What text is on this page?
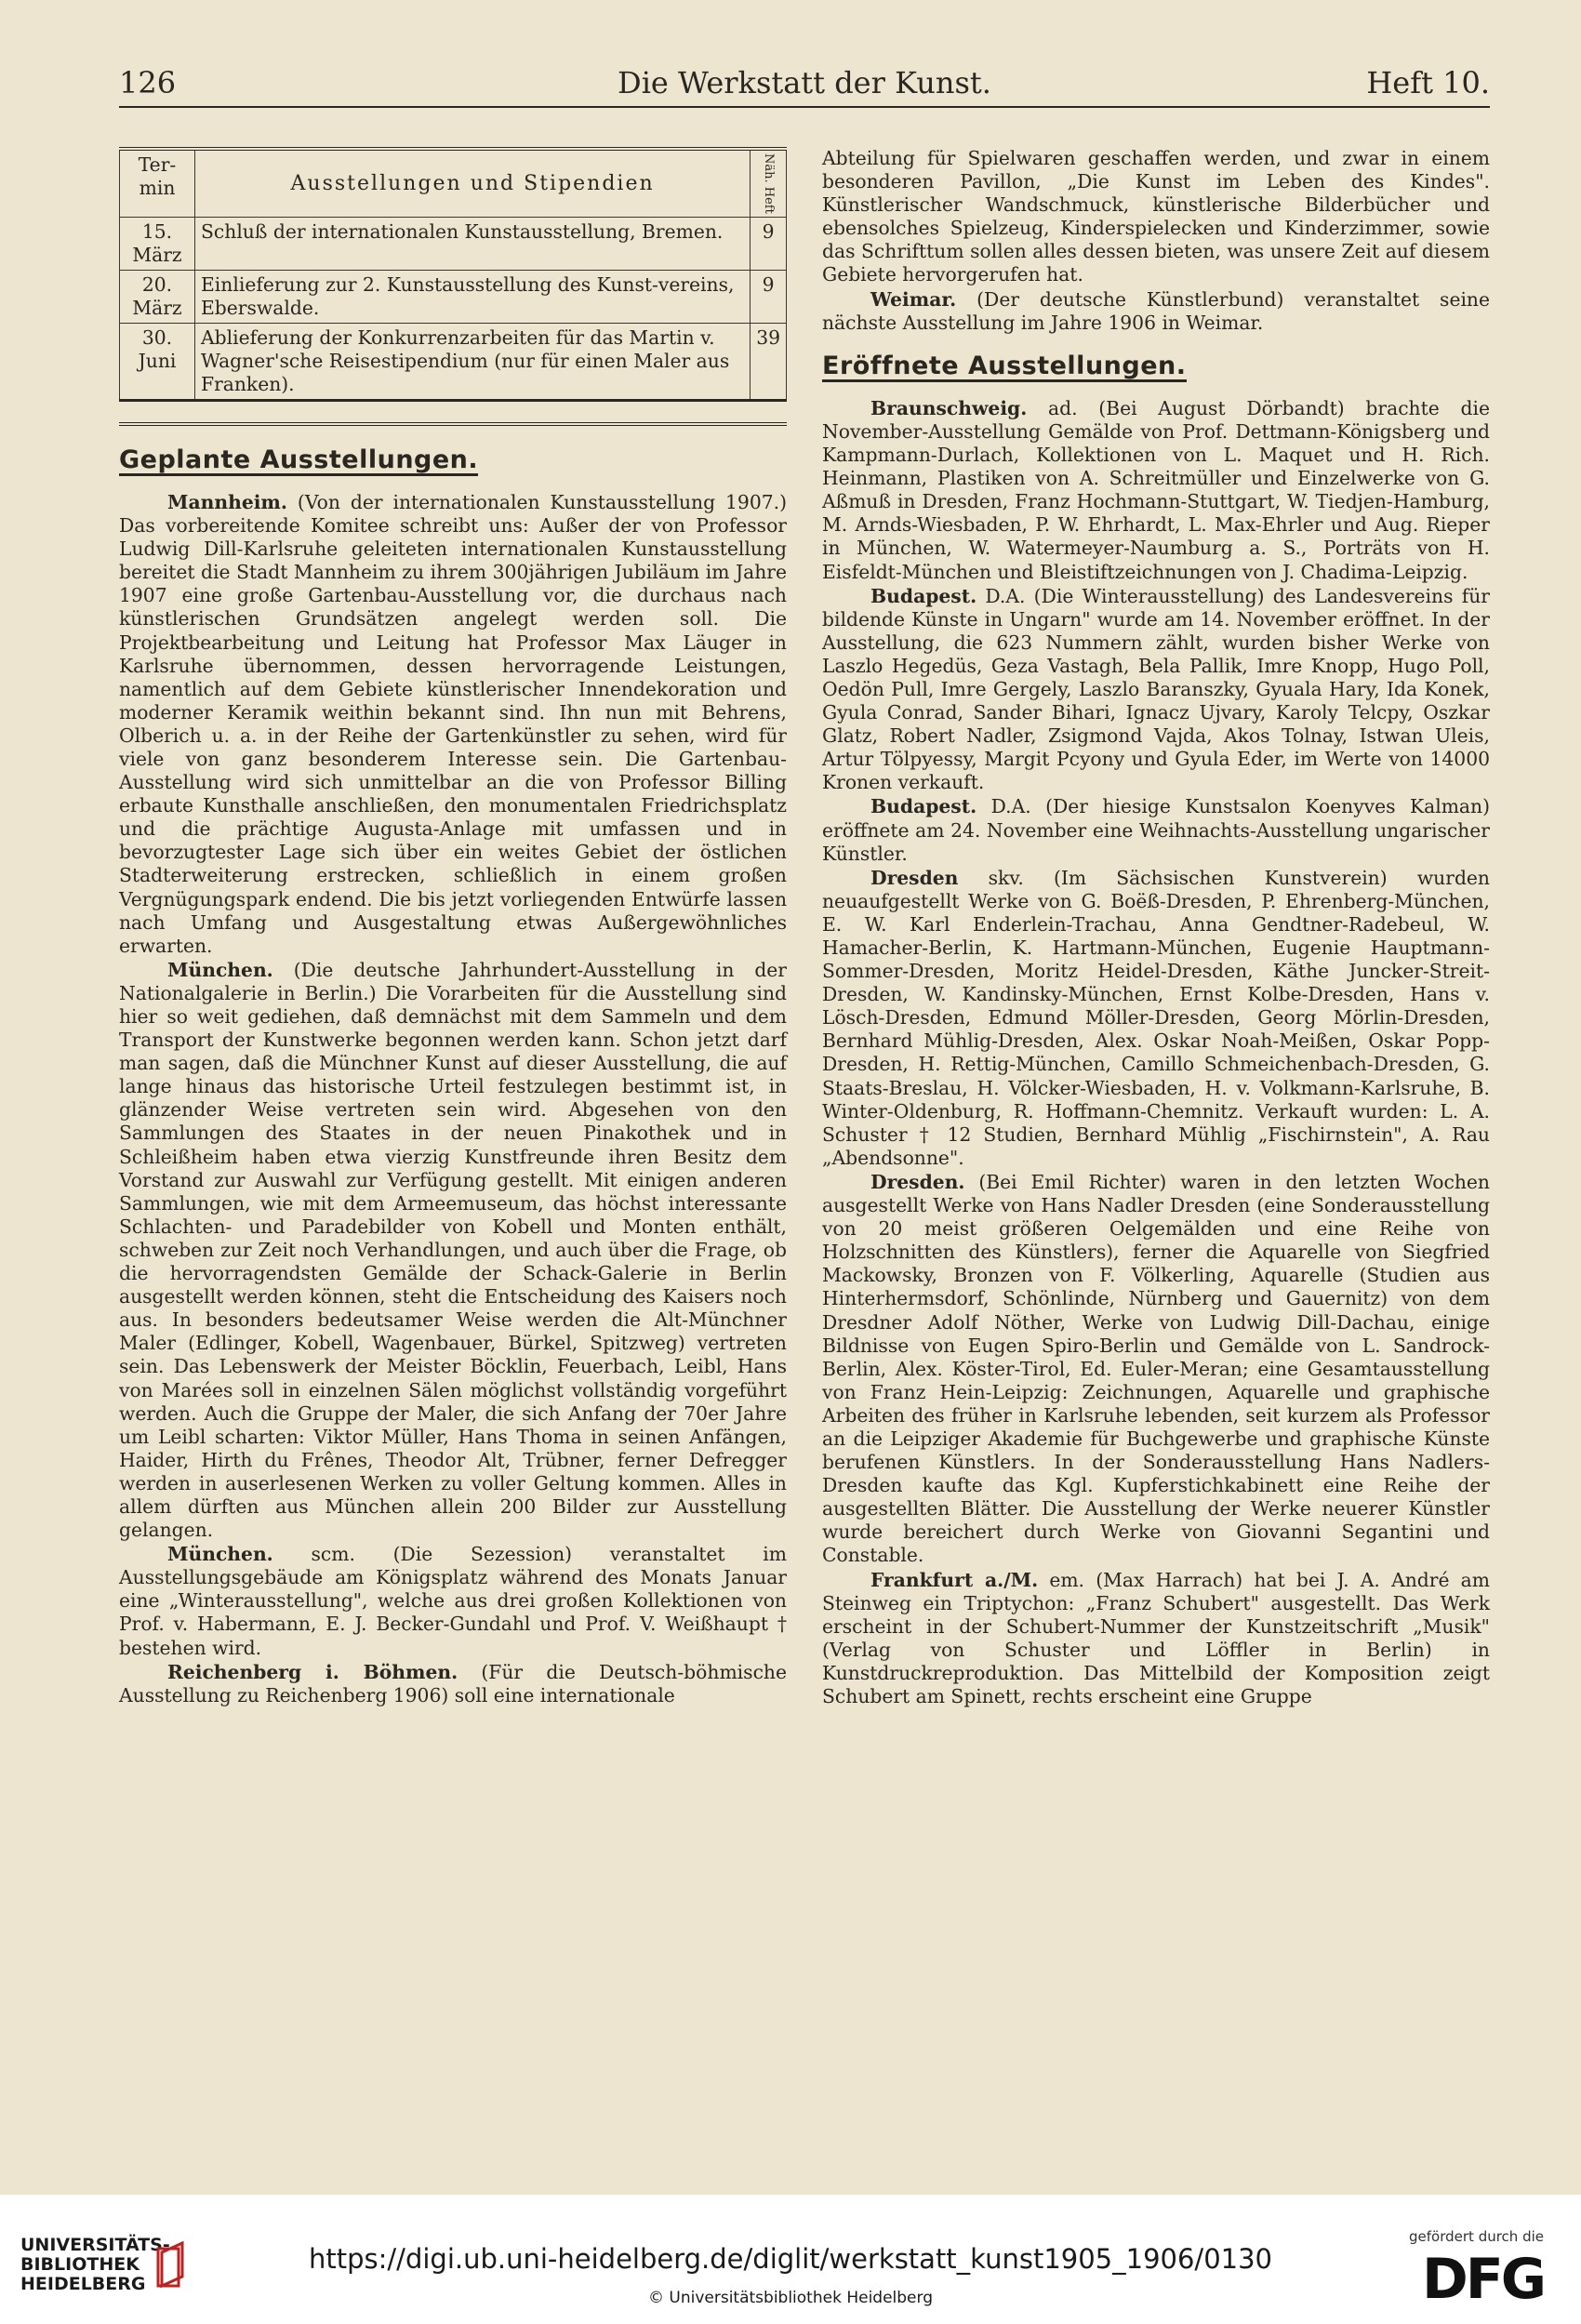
126	Die Werkstatt der Kunst.	Heft 10.
Ter-min	Ausstellungen und Stipendien	Näh. Heft
15. März	Schluß der internationalen Kunstausstellung, Bremen.	9
20. März	Einlieferung zur 2. Kunstausstellung des Kunst-vereins, Eberswalde.	9
30. Juni	Ablieferung der Konkurrenzarbeiten für das Martin v. Wagner'sche Reisestipendium (nur für einen Maler aus Franken).	39
Geplante Ausstellungen.

Mannheim. (Von der internationalen Kunstausstellung 1907.) Das vorbereitende Komitee schreibt uns: Außer der von Professor Ludwig Dill-Karlsruhe geleiteten internationalen Kunstausstellung bereitet die Stadt Mannheim zu ihrem 300jährigen Jubiläum im Jahre 1907 eine große Gartenbau-Ausstellung vor, die durchaus nach künstlerischen Grundsätzen angelegt werden soll. Die Projektbearbeitung und Leitung hat Professor Max Läuger in Karlsruhe übernommen, dessen hervorragende Leistungen, namentlich auf dem Gebiete künstlerischer Innendekoration und moderner Keramik weithin bekannt sind. Ihn nun mit Behrens, Olberich u. a. in der Reihe der Gartenkünstler zu sehen, wird für viele von ganz besonderem Interesse sein. Die Gartenbau-Ausstellung wird sich unmittelbar an die von Professor Billing erbaute Kunsthalle anschließen, den monumentalen Friedrichsplatz und die prächtige Augusta-Anlage mit umfassen und in bevorzugtester Lage sich über ein weites Gebiet der östlichen Stadterweiterung erstrecken, schließlich in einem großen Vergnügungspark endend. Die bis jetzt vorliegenden Entwürfe lassen nach Umfang und Ausgestaltung etwas Außergewöhnliches erwarten.

München. (Die deutsche Jahrhundert-Ausstellung in der Nationalgalerie in Berlin.) Die Vorarbeiten für die Ausstellung sind hier so weit gediehen, daß demnächst mit dem Sammeln und dem Transport der Kunstwerke begonnen werden kann. Schon jetzt darf man sagen, daß die Münchner Kunst auf dieser Ausstellung, die auf lange hinaus das historische Urteil festzulegen bestimmt ist, in glänzender Weise vertreten sein wird. Abgesehen von den Sammlungen des Staates in der neuen Pinakothek und in Schleißheim haben etwa vierzig Kunstfreunde ihren Besitz dem Vorstand zur Auswahl zur Verfügung gestellt. Mit einigen anderen Sammlungen, wie mit dem Armeemuseum, das höchst interessante Schlachten- und Paradebilder von Kobell und Monten enthält, schweben zur Zeit noch Verhandlungen, und auch über die Frage, ob die hervorragendsten Gemälde der Schack-Galerie in Berlin ausgestellt werden können, steht die Entscheidung des Kaisers noch aus. In besonders bedeutsamer Weise werden die Alt-Münchner Maler (Edlinger, Kobell, Wagenbauer, Bürkel, Spitzweg) vertreten sein. Das Lebenswerk der Meister Böcklin, Feuerbach, Leibl, Hans von Marées soll in einzelnen Sälen möglichst vollständig vorgeführt werden. Auch die Gruppe der Maler, die sich Anfang der 70er Jahre um Leibl scharten: Viktor Müller, Hans Thoma in seinen Anfängen, Haider, Hirth du Frênes, Theodor Alt, Trübner, ferner Defregger werden in auserlesenen Werken zu voller Geltung kommen. Alles in allem dürften aus München allein 200 Bilder zur Ausstellung gelangen.

München. scm. (Die Sezession) veranstaltet im Ausstellungsgebäude am Königsplatz während des Monats Januar eine „Winterausstellung", welche aus drei großen Kollektionen von Prof. v. Habermann, E. J. Becker-Gundahl und Prof. V. Weißhaupt † bestehen wird.

Reichenberg i. Böhmen. (Für die Deutsch-böhmische Ausstellung zu Reichenberg 1906) soll eine internationale

Abteilung für Spielwaren geschaffen werden, und zwar in einem besonderen Pavillon, „Die Kunst im Leben des Kindes". Künstlerischer Wandschmuck, künstlerische Bilderbücher und ebensolches Spielzeug, Kinderspielecken und Kinderzimmer, sowie das Schrifttum sollen alles dessen bieten, was unsere Zeit auf diesem Gebiete hervorgerufen hat.

Weimar. (Der deutsche Künstlerbund) veranstaltet seine nächste Ausstellung im Jahre 1906 in Weimar.

Eröffnete Ausstellungen.

Braunschweig. ad. (Bei August Dörbandt) brachte die November-Ausstellung Gemälde von Prof. Dettmann-Königsberg und Kampmann-Durlach, Kollektionen von L. Maquet und H. Rich. Heinmann, Plastiken von A. Schreitmüller und Einzelwerke von G. Aßmuß in Dresden, Franz Hochmann-Stuttgart, W. Tiedjen-Hamburg, M. Arnds-Wiesbaden, P. W. Ehrhardt, L. Max-Ehrler und Aug. Rieper in München, W. Watermeyer-Naumburg a. S., Porträts von H. Eisfeldt-München und Bleistiftzeichnungen von J. Chadima-Leipzig.

Budapest. D.A. (Die Winterausstellung) des Landesvereins für bildende Künste in Ungarn" wurde am 14. November eröffnet. In der Ausstellung, die 623 Nummern zählt, wurden bisher Werke von Laszlo Hegedüs, Geza Vastagh, Bela Pallik, Imre Knopp, Hugo Poll, Oedön Pull, Imre Gergely, Laszlo Baranszky, Gyuala Hary, Ida Konek, Gyula Conrad, Sander Bihari, Ignacz Ujvary, Karoly Telcpy, Oszkar Glatz, Robert Nadler, Zsigmond Vajda, Akos Tolnay, Istwan Uleis, Artur Tölpyessy, Margit Pcyony und Gyula Eder, im Werte von 14000 Kronen verkauft.

Budapest. D.A. (Der hiesige Kunstsalon Koenyves Kalman) eröffnete am 24. November eine Weihnachts-Ausstellung ungarischer Künstler.

Dresden skv. (Im Sächsischen Kunstverein) wurden neuaufgestellt Werke von G. Boëß-Dresden, P. Ehrenberg-München, E. W. Karl Enderlein-Trachau, Anna Gendtner-Radebeul, W. Hamacher-Berlin, K. Hartmann-München, Eugenie Hauptmann-Sommer-Dresden, Moritz Heidel-Dresden, Käthe Juncker-Streit-Dresden, W. Kandinsky-München, Ernst Kolbe-Dresden, Hans v. Lösch-Dresden, Edmund Möller-Dresden, Georg Mörlin-Dresden, Bernhard Mühlig-Dresden, Alex. Oskar Noah-Meißen, Oskar Popp-Dresden, H. Rettig-München, Camillo Schmeichenbach-Dresden, G. Staats-Breslau, H. Völcker-Wiesbaden, H. v. Volkmann-Karlsruhe, B. Winter-Oldenburg, R. Hoffmann-Chemnitz. Verkauft wurden: L. A. Schuster † 12 Studien, Bernhard Mühlig „Fischirnstein", A. Rau „Abendsonne".

Dresden. (Bei Emil Richter) waren in den letzten Wochen ausgestellt Werke von Hans Nadler Dresden (eine Sonderausstellung von 20 meist größeren Oelgemälden und eine Reihe von Holzschnitten des Künstlers), ferner die Aquarelle von Siegfried Mackowsky, Bronzen von F. Völkerling, Aquarelle (Studien aus Hinterhermsdorf, Schönlinde, Nürnberg und Gauernitz) von dem Dresdner Adolf Nöther, Werke von Ludwig Dill-Dachau, einige Bildnisse von Eugen Spiro-Berlin und Gemälde von L. Sandrock-Berlin, Alex. Köster-Tirol, Ed. Euler-Meran; eine Gesamtausstellung von Franz Hein-Leipzig: Zeichnungen, Aquarelle und graphische Arbeiten des früher in Karlsruhe lebenden, seit kurzem als Professor an die Leipziger Akademie für Buchgewerbe und graphische Künste berufenen Künstlers. In der Sonderausstellung Hans Nadlers-Dresden kaufte das Kgl. Kupferstichkabinett eine Reihe der ausgestellten Blätter. Die Ausstellung der Werke neuerer Künstler wurde bereichert durch Werke von Giovanni Segantini und Constable.

Frankfurt a./M. em. (Max Harrach) hat bei J. A. André am Steinweg ein Triptychon: „Franz Schubert" ausgestellt. Das Werk erscheint in der Schubert-Nummer der Kunstzeitschrift „Musik" (Verlag von Schuster und Löffler in Berlin) in Kunstdruckreproduktion. Das Mittelbild der Komposition zeigt Schubert am Spinett, rechts erscheint eine Gruppe

UNIVERSITÄTS-
BIBLIOTHEK
HEIDELBERG
https://digi.ub.uni-heidelberg.de/diglit/werkstatt_kunst1905_1906/0130
© Universitätsbibliothek Heidelberg
gefördert durch die
DFG
